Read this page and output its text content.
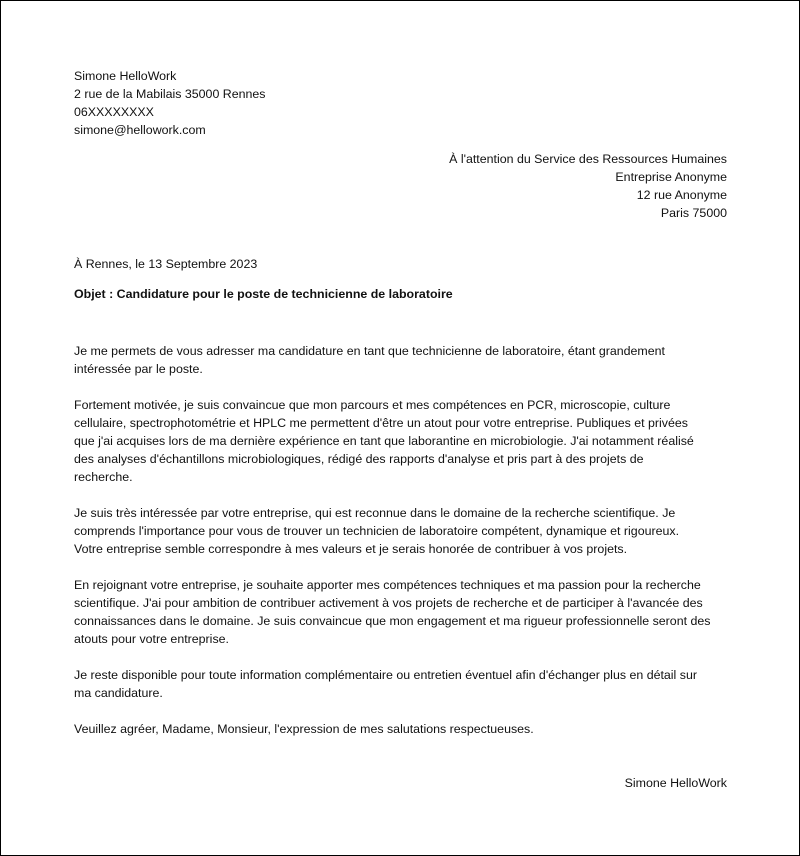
Simone HelloWork
2 rue de la Mabilais 35000 Rennes
06XXXXXXXX
simone@hellowork.com
À l'attention du Service des Ressources Humaines
Entreprise Anonyme
12 rue Anonyme
Paris 75000
À Rennes, le 13 Septembre 2023
Objet : Candidature pour le poste de technicienne de laboratoire

Je me permets de vous adresser ma candidature en tant que technicienne de laboratoire, étant grandement
intéressée par le poste.

Fortement motivée, je suis convaincue que mon parcours et mes compétences en PCR, microscopie, culture
cellulaire, spectrophotométrie et HPLC me permettent d'être un atout pour votre entreprise. Publiques et privées
que j'ai acquises lors de ma dernière expérience en tant que laborantine en microbiologie. J'ai notamment réalisé
des analyses d'échantillons microbiologiques, rédigé des rapports d'analyse et pris part à des projets de
recherche.

Je suis très intéressée par votre entreprise, qui est reconnue dans le domaine de la recherche scientifique. Je
comprends l'importance pour vous de trouver un technicien de laboratoire compétent, dynamique et rigoureux.
Votre entreprise semble correspondre à mes valeurs et je serais honorée de contribuer à vos projets.

En rejoignant votre entreprise, je souhaite apporter mes compétences techniques et ma passion pour la recherche
scientifique. J'ai pour ambition de contribuer activement à vos projets de recherche et de participer à l'avancée des
connaissances dans le domaine. Je suis convaincue que mon engagement et ma rigueur professionnelle seront des
atouts pour votre entreprise.

Je reste disponible pour toute information complémentaire ou entretien éventuel afin d'échanger plus en détail sur
ma candidature.

Veuillez agréer, Madame, Monsieur, l'expression de mes salutations respectueuses.

Simone HelloWork
